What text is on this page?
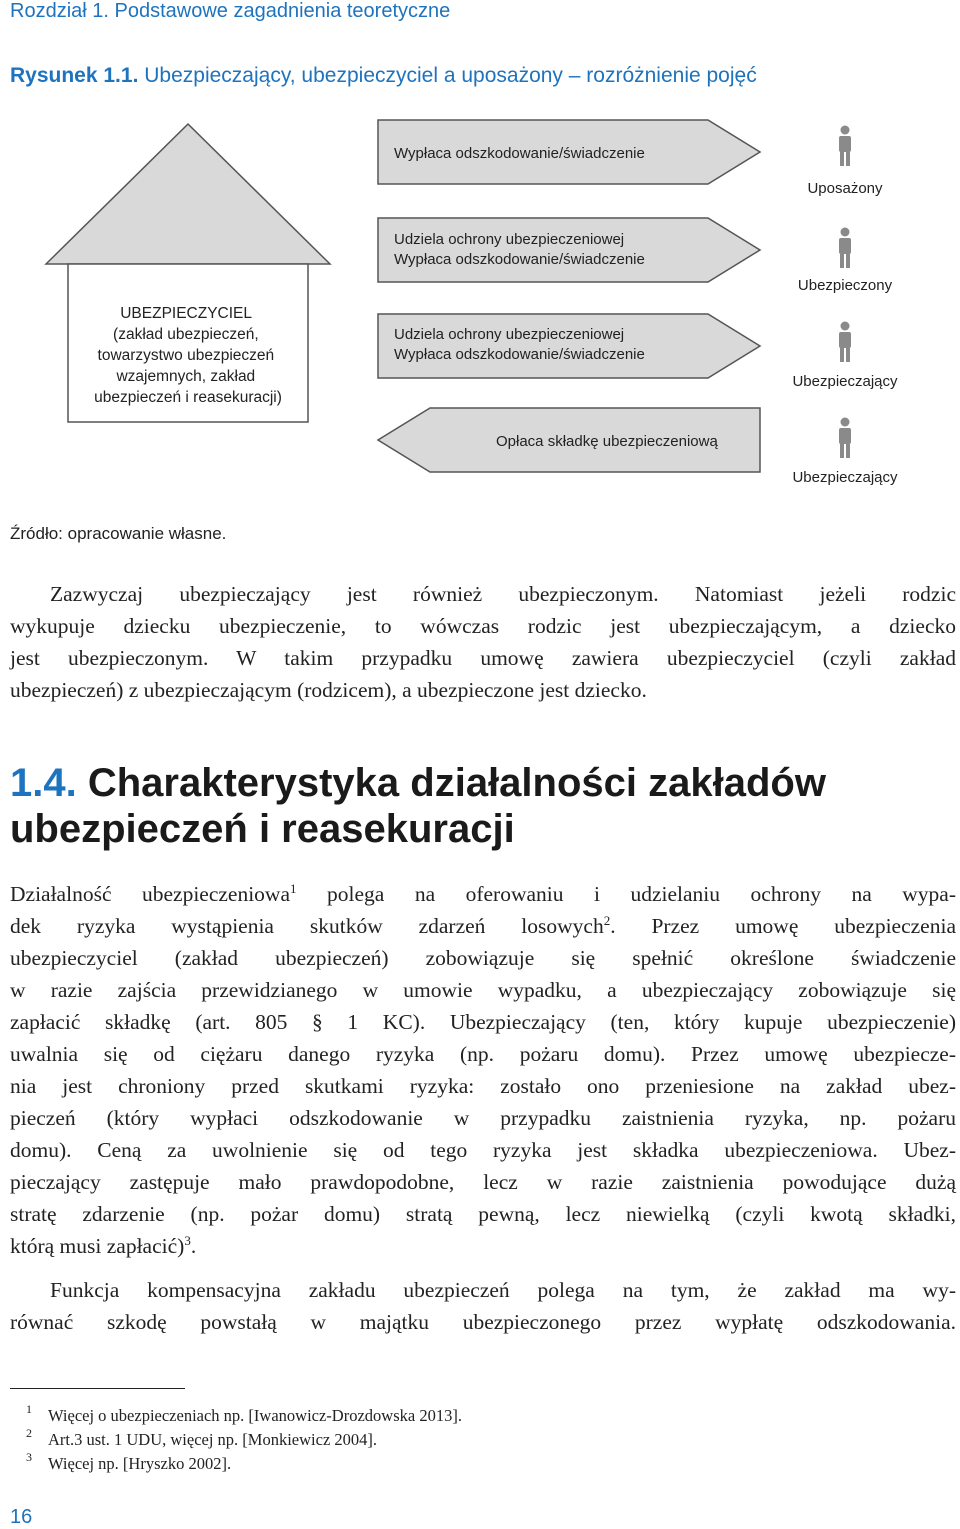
Rozdział 1. Podstawowe zagadnienia teoretyczne
Rysunek 1.1. Ubezpieczający, ubezpieczyciel a uposażony – rozróżnienie pojęć
UBEZPIECZYCIEL (zakład ubezpieczeń, towarzystwo ubezpieczeń wzajemnych, zakład ubezpieczeń i reasekuracji)
Wypłaca odszkodowanie/świadczenie
Udziela ochrony ubezpieczeniowej Wypłaca odszkodowanie/świadczenie
Udziela ochrony ubezpieczeniowej Wypłaca odszkodowanie/świadczenie
Opłaca składkę ubezpieczeniową
Uposażony
Ubezpieczony
Ubezpieczający
Ubezpieczający
Źródło: opracowanie własne.
Zazwyczaj ubezpieczający jest również ubezpieczonym. Natomiast jeżeli rodzic
wykupuje dziecku ubezpieczenie, to wówczas rodzic jest ubezpieczającym, a dziecko
jest ubezpieczonym. W takim przypadku umowę zawiera ubezpieczyciel (czyli zakład
ubezpieczeń) z ubezpieczającym (rodzicem), a ubezpieczone jest dziecko.
1.4. Charakterystyka działalności zakładów
ubezpieczeń i reasekuracji
Działalność ubezpieczeniowa$^1$ polega na oferowaniu i udzielaniu ochrony na wypa-
dek ryzyka wystąpienia skutków zdarzeń losowych$^2$. Przez umowę ubezpieczenia
ubezpieczyciel (zakład ubezpieczeń) zobowiązuje się spełnić określone świadczenie
w razie zajścia przewidzianego w umowie wypadku, a ubezpieczający zobowiązuje się
zapłacić składkę (art. 805 § 1 KC). Ubezpieczający (ten, który kupuje ubezpieczenie)
uwalnia się od ciężaru danego ryzyka (np. pożaru domu). Przez umowę ubezpiecze-
nia jest chroniony przed skutkami ryzyka: zostało ono przeniesione na zakład ubez-
pieczeń (który wypłaci odszkodowanie w przypadku zaistnienia ryzyka, np. pożaru
domu). Ceną za uwolnienie się od tego ryzyka jest składka ubezpieczeniowa. Ubez-
pieczający zastępuje mało prawdopodobne, lecz w razie zaistnienia powodujące dużą
stratę zdarzenie (np. pożar domu) stratą pewną, lecz niewielką (czyli kwotą składki,
którą musi zapłacić)$^3$.
Funkcja kompensacyjna zakładu ubezpieczeń polega na tym, że zakład ma wy-
równać szkodę powstałą w majątku ubezpieczonego przez wypłatę odszkodowania.
1 Więcej o ubezpieczeniach np. [Iwanowicz-Drozdowska 2013].
2 Art.3 ust. 1 UDU, więcej np. [Monkiewicz 2004].
3 Więcej np. [Hryszko 2002].
16
